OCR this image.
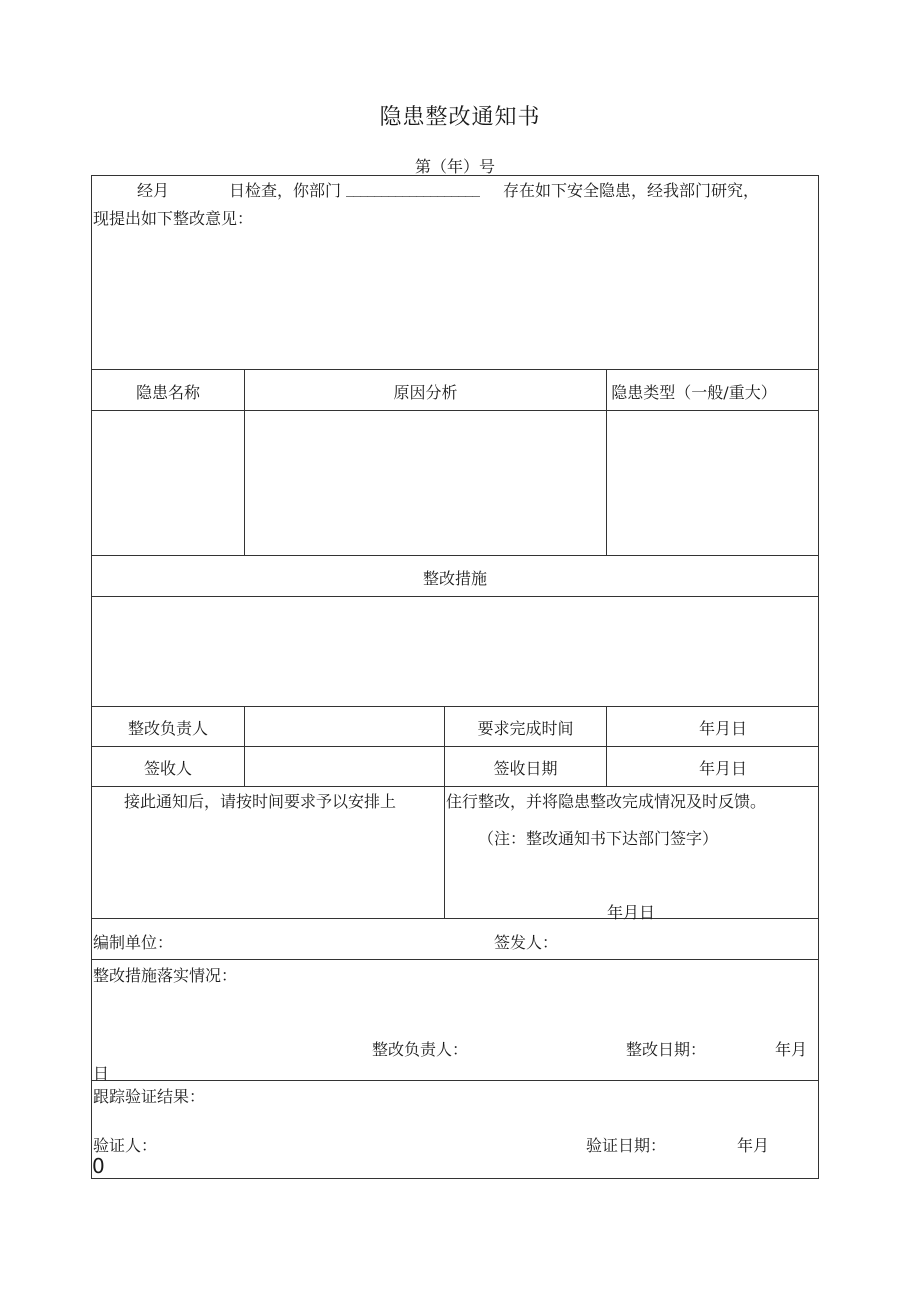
隐患整改通知书
第（年）号
经月	日检查，你部门 ___________________ 存在如下安全隐患，经我部门研究，
现提出如下整改意见：
隐患名称	原因分析	隐患类型（一般/重大）
整改措施
整改负责人	要求完成时间	年月日
签收人	签收日期	年月日
接此通知后，请按时间要求予以安排上	住行整改，并将隐患整改完成情况及时反馈。
（注：整改通知书下达部门签字）
年月日
编制单位：	签发人：
整改措施落实情况：
整改负责人：	整改日期：	年月
日
跟踪验证结果：
验证人：	验证日期：	年月
0
